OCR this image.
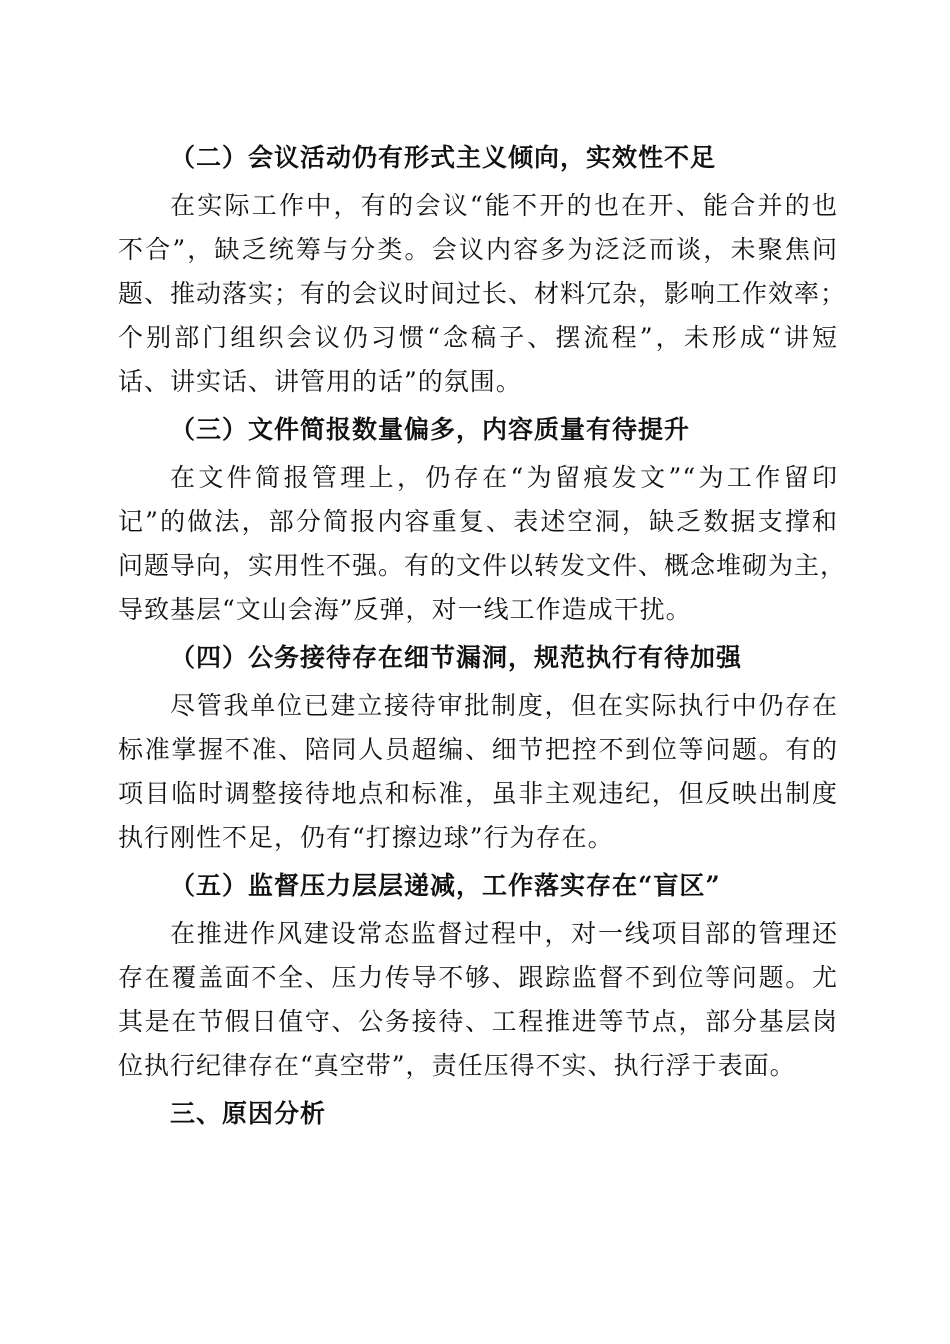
（二）会议活动仍有形式主义倾向，实效性不足
在实际工作中，有的会议“能不开的也在开、能合并的也
不合”，缺乏统筹与分类。会议内容多为泛泛而谈，未聚焦问
题、推动落实；有的会议时间过长、材料冗杂，影响工作效率；
个别部门组织会议仍习惯“念稿子、摆流程”，未形成“讲短
话、讲实话、讲管用的话”的氛围。
（三）文件简报数量偏多，内容质量有待提升
在文件简报管理上，仍存在“为留痕发文”“为工作留印
记”的做法，部分简报内容重复、表述空洞，缺乏数据支撑和
问题导向，实用性不强。有的文件以转发文件、概念堆砌为主，
导致基层“文山会海”反弹，对一线工作造成干扰。
（四）公务接待存在细节漏洞，规范执行有待加强
尽管我单位已建立接待审批制度，但在实际执行中仍存在
标准掌握不准、陪同人员超编、细节把控不到位等问题。有的
项目临时调整接待地点和标准，虽非主观违纪，但反映出制度
执行刚性不足，仍有“打擦边球”行为存在。
（五）监督压力层层递减，工作落实存在“盲区”
在推进作风建设常态监督过程中，对一线项目部的管理还
存在覆盖面不全、压力传导不够、跟踪监督不到位等问题。尤
其是在节假日值守、公务接待、工程推进等节点，部分基层岗
位执行纪律存在“真空带”，责任压得不实、执行浮于表面。
三、原因分析
